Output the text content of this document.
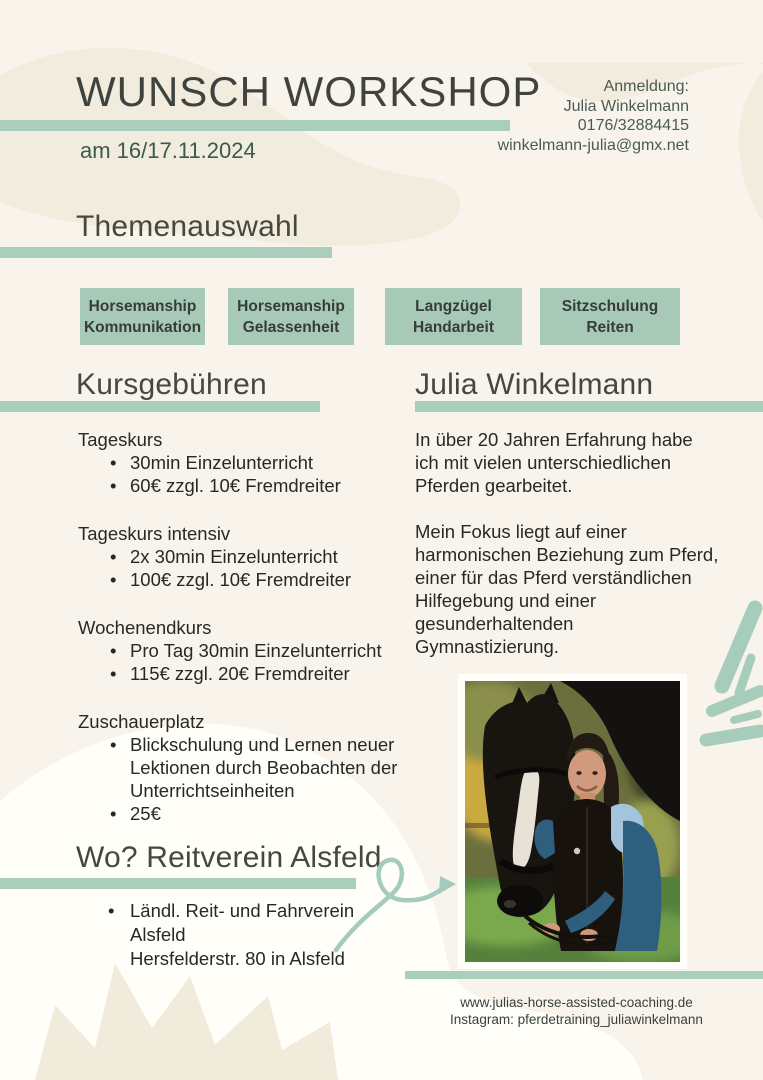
WUNSCH WORKSHOP
am 16/17.11.2024
Anmeldung:
Julia Winkelmann
0176/32884415
winkelmann-julia@gmx.net
Themenauswahl
Horsemanship
Kommunikation
Horsemanship
Gelassenheit
Langzügel
Handarbeit
Sitzschulung
Reiten
Kursgebühren
Tageskurs
• 30min Einzelunterricht
• 60€ zzgl. 10€ Fremdreiter
Tageskurs intensiv
• 2x 30min Einzelunterricht
• 100€ zzgl. 10€ Fremdreiter
Wochenendkurs
• Pro Tag 30min Einzelunterricht
• 115€ zzgl. 20€ Fremdreiter
Zuschauerplatz
• Blickschulung und Lernen neuer Lektionen durch Beobachten der Unterrichtseinheiten
• 25€
Julia Winkelmann

In über 20 Jahren Erfahrung habe ich mit vielen unterschiedlichen Pferden gearbeitet.

Mein Fokus liegt auf einer harmonischen Beziehung zum Pferd, einer für das Pferd verständlichen Hilfegebung und einer gesunderhaltenden Gymnastizierung.

Wo? Reitverein Alsfeld
• Ländl. Reit- und Fahrverein
Alsfeld
Hersfelderstr. 80 in Alsfeld
www.julias-horse-assisted-coaching.de
Instagram: pferdetraining_juliawinkelmann
